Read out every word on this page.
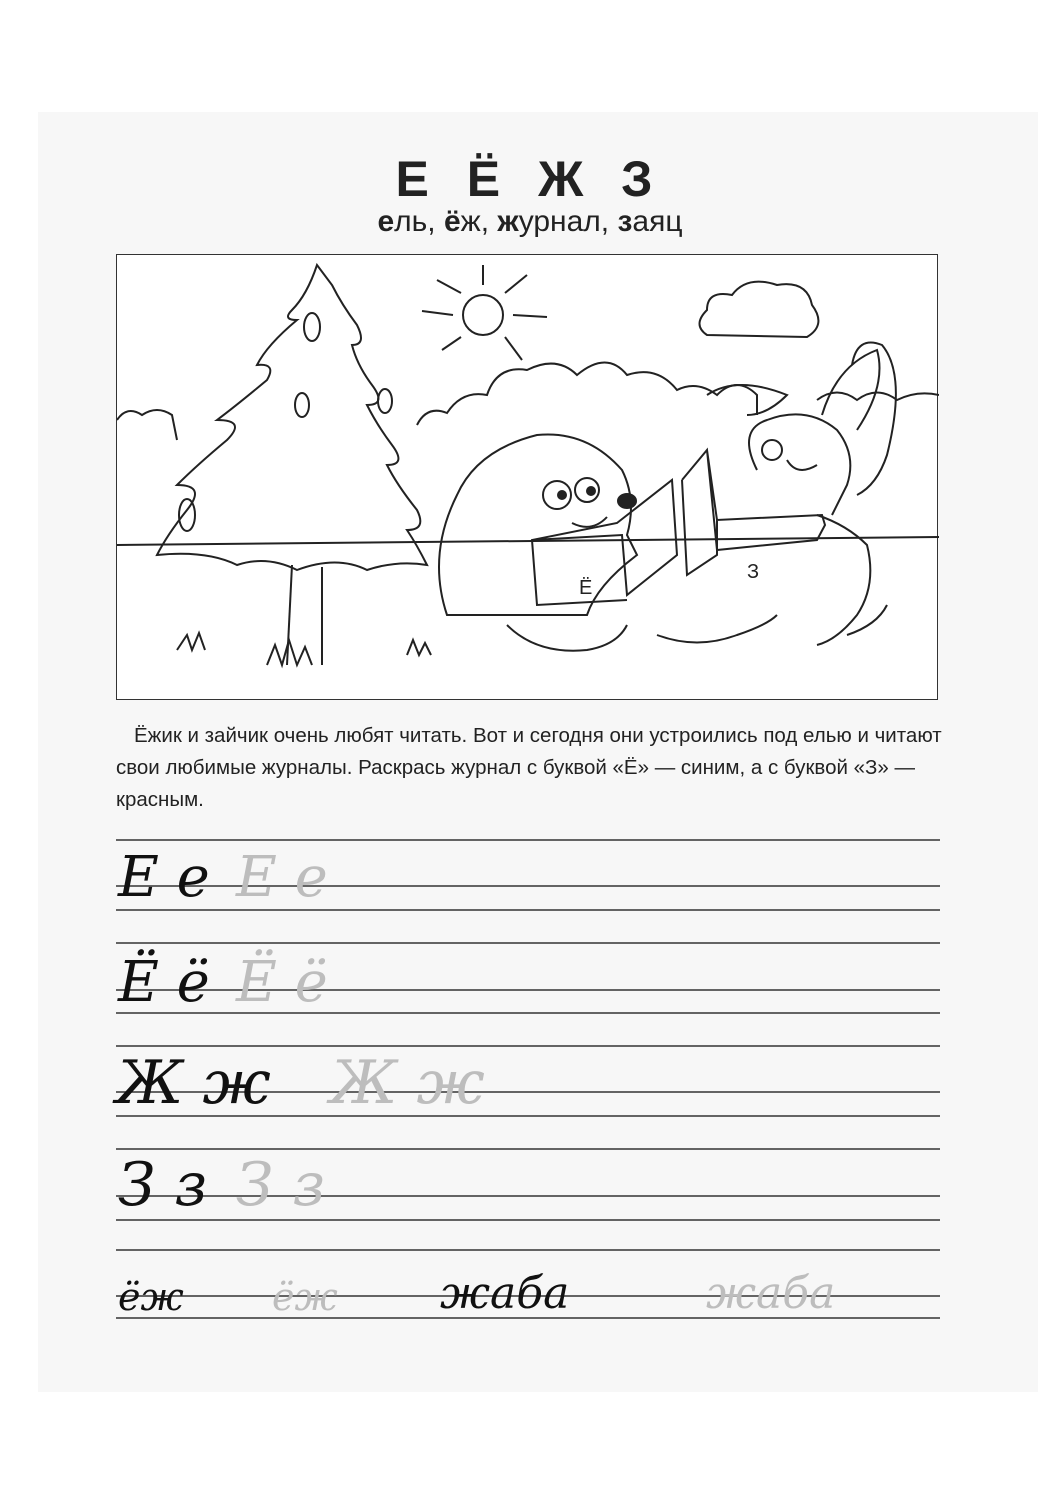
Е Ё Ж З
ель, ёж, журнал, заяц
Ё
З

Ёжик и зайчик очень любят читать. Вот и сегодня они устроились под елью и читают свои любимые журналы. Раскрась журнал с буквой «Ё» — синим, а с буквой «З» — красным.

Е е Е е
Ё ё Ё ё
Ж ж Ж ж
З з З з
ёж ёж жаба	жаба
